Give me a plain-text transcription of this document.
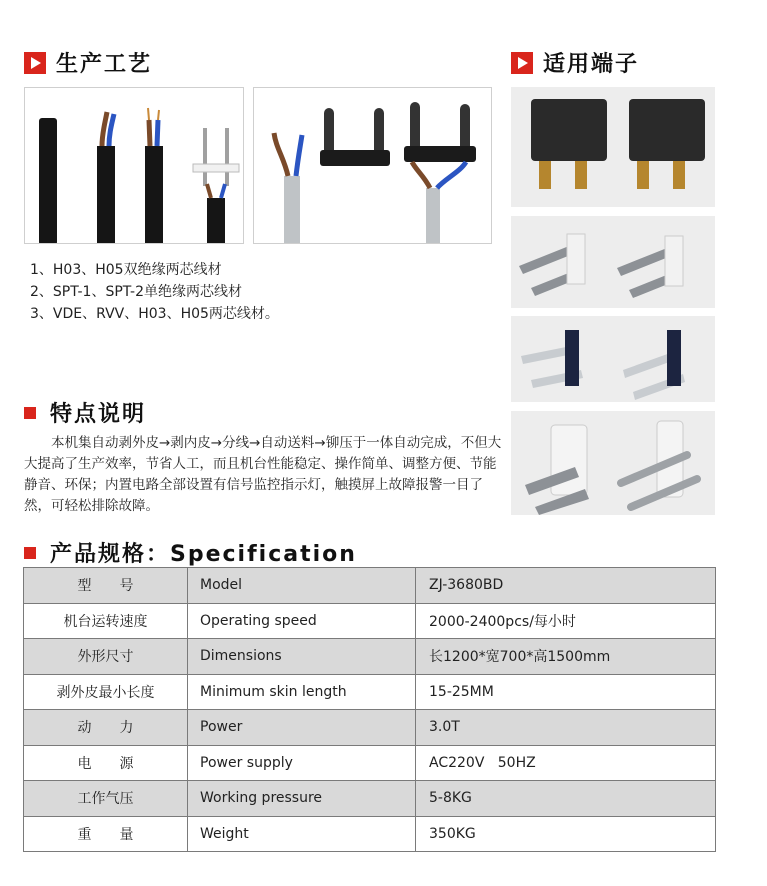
生产工艺	适用端子
1、H03、H05双绝缘两芯线材
2、SPT-1、SPT-2单绝缘两芯线材
3、VDE、RVV、H03、H05两芯线材。
特点说明

本机集自动剥外皮→剥内皮→分线→自动送料→铆压于一体自动完成，不但大大提高了生产效率，节省人工，而且机台性能稳定、操作简单、调整方便、节能静音、环保；内置电路全部设置有信号监控指示灯，触摸屏上故障报警一目了然，可轻松排除故障。

产品规格：Specification
型　　号	Model	ZJ-3680BD
机台运转速度	Operating speed	2000-2400pcs/每小时
外形尺寸	Dimensions	长1200*宽700*高1500mm
剥外皮最小长度	Minimum skin length	15-25MM
动　　力	Power	3.0T
电　　源	Power supply	AC220V   50HZ
工作气压	Working pressure	5-8KG
重　　量	Weight	350KG
